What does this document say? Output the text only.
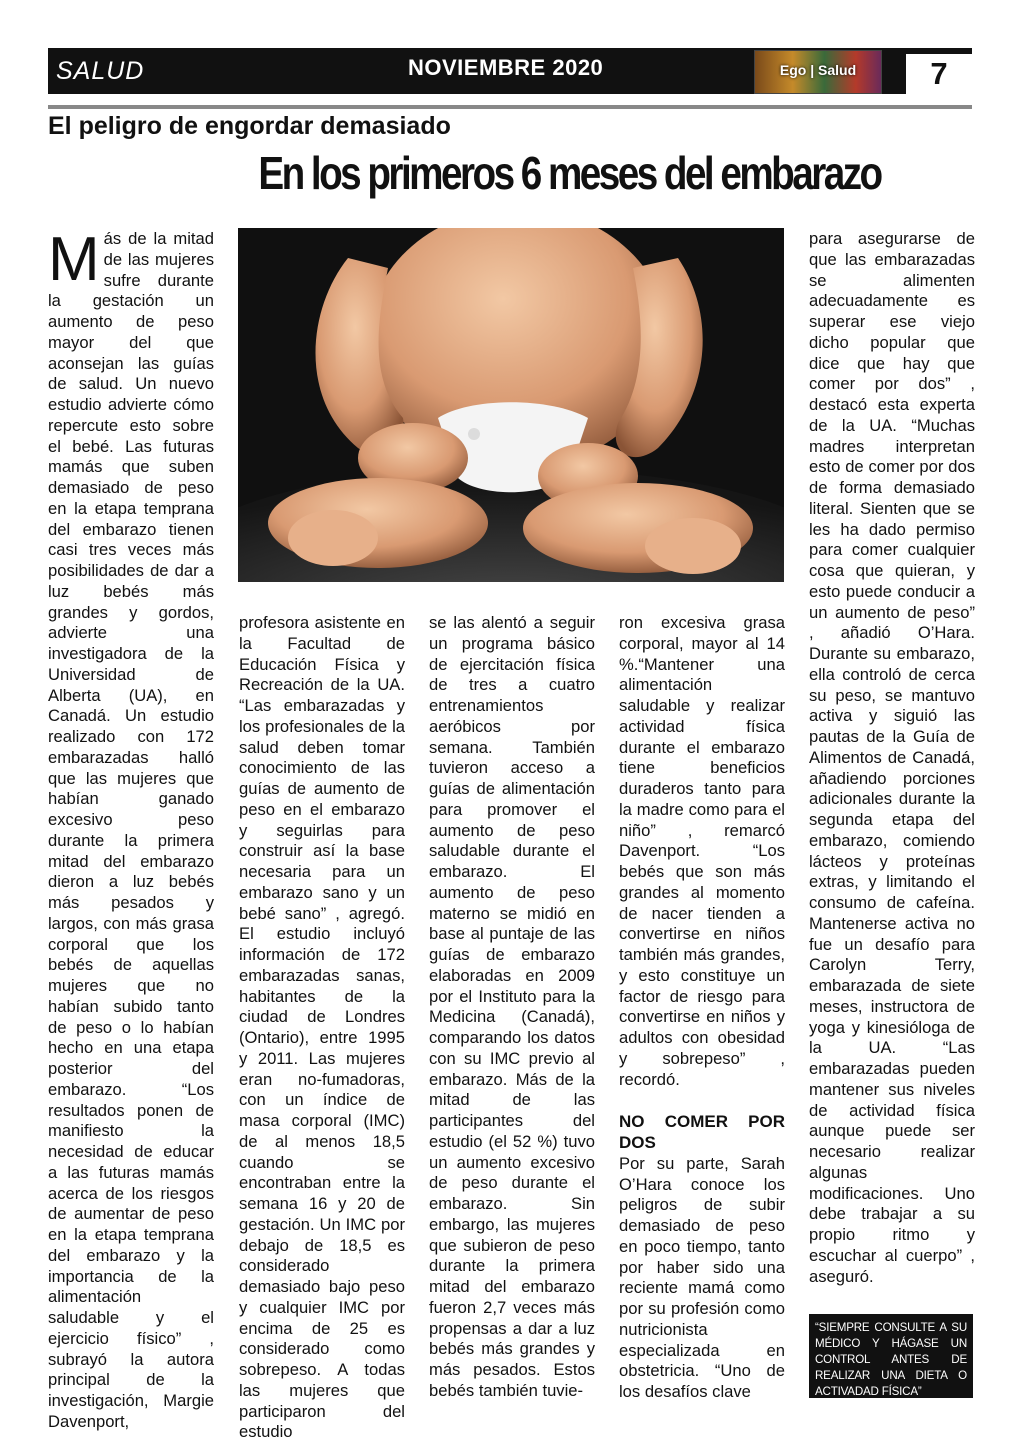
SALUD	NOVIEMBRE 2020	Ego | Salud	7
El peligro de engordar demasiado
En los primeros 6 meses del embarazo
M ás de la mitad de las mujeres sufre durante la gestación un aumento de peso mayor del que aconsejan las guías de salud. Un nuevo estudio advierte cómo repercute esto sobre el bebé. Las futuras mamás que suben demasiado de peso en la etapa temprana del embarazo tienen casi tres veces más posibilidades de dar a luz bebés más grandes y gordos, advierte una investigadora de la Universidad de Alberta (UA), en Canadá. Un estudio realizado con 172 embarazadas halló que las mujeres que habían ganado excesivo peso durante la primera mitad del embarazo dieron a luz bebés más pesados y largos, con más grasa corporal que los bebés de aquellas mujeres que no habían subido tanto de peso o lo habían hecho en una etapa posterior del embarazo. “Los resultados ponen de manifiesto la necesidad de educar a las futuras mamás acerca de los riesgos de aumentar de peso en la etapa temprana del embarazo y la importancia de la alimentación saludable y el ejercicio físico” , subrayó la autora principal de la investigación, Margie Davenport,
profesora asistente en la Facultad de Educación Física y Recreación de la UA. “Las embarazadas y los profesionales de la salud deben tomar conocimiento de las guías de aumento de peso en el embarazo y seguirlas para construir así la base necesaria para un embarazo sano y un bebé sano” , agregó. El estudio incluyó información de 172 embarazadas sanas, habitantes de la ciudad de Londres (Ontario), entre 1995 y 2011. Las mujeres eran no-fumadoras, con un índice de masa corporal (IMC) de al menos 18,5 cuando se encontraban entre la semana 16 y 20 de gestación. Un IMC por debajo de 18,5 es considerado demasiado bajo peso y cualquier IMC por encima de 25 es considerado como sobrepeso. A todas las mujeres que participaron del estudio
se las alentó a seguir un programa básico de ejercitación física de tres a cuatro entrenamientos aeróbicos por semana. También tuvieron acceso a guías de alimentación para promover el aumento de peso saludable durante el embarazo. El aumento de peso materno se midió en base al puntaje de las guías de embarazo elaboradas en 2009 por el Instituto para la Medicina (Canadá), comparando los datos con su IMC previo al embarazo. Más de la mitad de las participantes del estudio (el 52 %) tuvo un aumento excesivo de peso durante el embarazo. Sin embargo, las mujeres que subieron de peso durante la primera mitad del embarazo fueron 2,7 veces más propensas a dar a luz bebés más grandes y más pesados. Estos bebés también tuvie-
ron excesiva grasa corporal, mayor al 14 %.“Mantener una alimentación saludable y realizar actividad física durante el embarazo tiene beneficios duraderos tanto para la madre como para el niño” , remarcó Davenport. “Los bebés que son más grandes al momento de nacer tienden a convertirse en niños también más grandes, y esto constituye un factor de riesgo para convertirse en niños y adultos con obesidad y sobrepeso” , recordó.
NO COMER POR DOS
Por su parte, Sarah O’Hara conoce los peligros de subir demasiado de peso en poco tiempo, tanto por haber sido una reciente mamá como por su profesión como nutricionista especializada en obstetricia. “Uno de los desafíos clave
para asegurarse de que las embarazadas se alimenten adecuadamente es superar ese viejo dicho popular que dice que hay que comer por dos” , destacó esta experta de la UA. “Muchas madres interpretan esto de comer por dos de forma demasiado literal. Sienten que se les ha dado permiso para comer cualquier cosa que quieran, y esto puede conducir a un aumento de peso” , añadió O’Hara. Durante su embarazo, ella controló de cerca su peso, se mantuvo activa y siguió las pautas de la Guía de Alimentos de Canadá, añadiendo porciones adicionales durante la segunda etapa del embarazo, comiendo lácteos y proteínas extras, y limitando el consumo de cafeína. Mantenerse activa no fue un desafío para Carolyn Terry, embarazada de siete meses, instructora de yoga y kinesióloga de la UA. “Las embarazadas pueden mantener sus niveles de actividad física aunque puede ser necesario realizar algunas modificaciones. Uno debe trabajar a su propio ritmo y escuchar al cuerpo” , aseguró.
“SIEMPRE CONSULTE A SU MÉDICO Y HÁGASE UN CONTROL ANTES DE REALIZAR UNA DIETA O ACTIVADAD FÍSICA”
